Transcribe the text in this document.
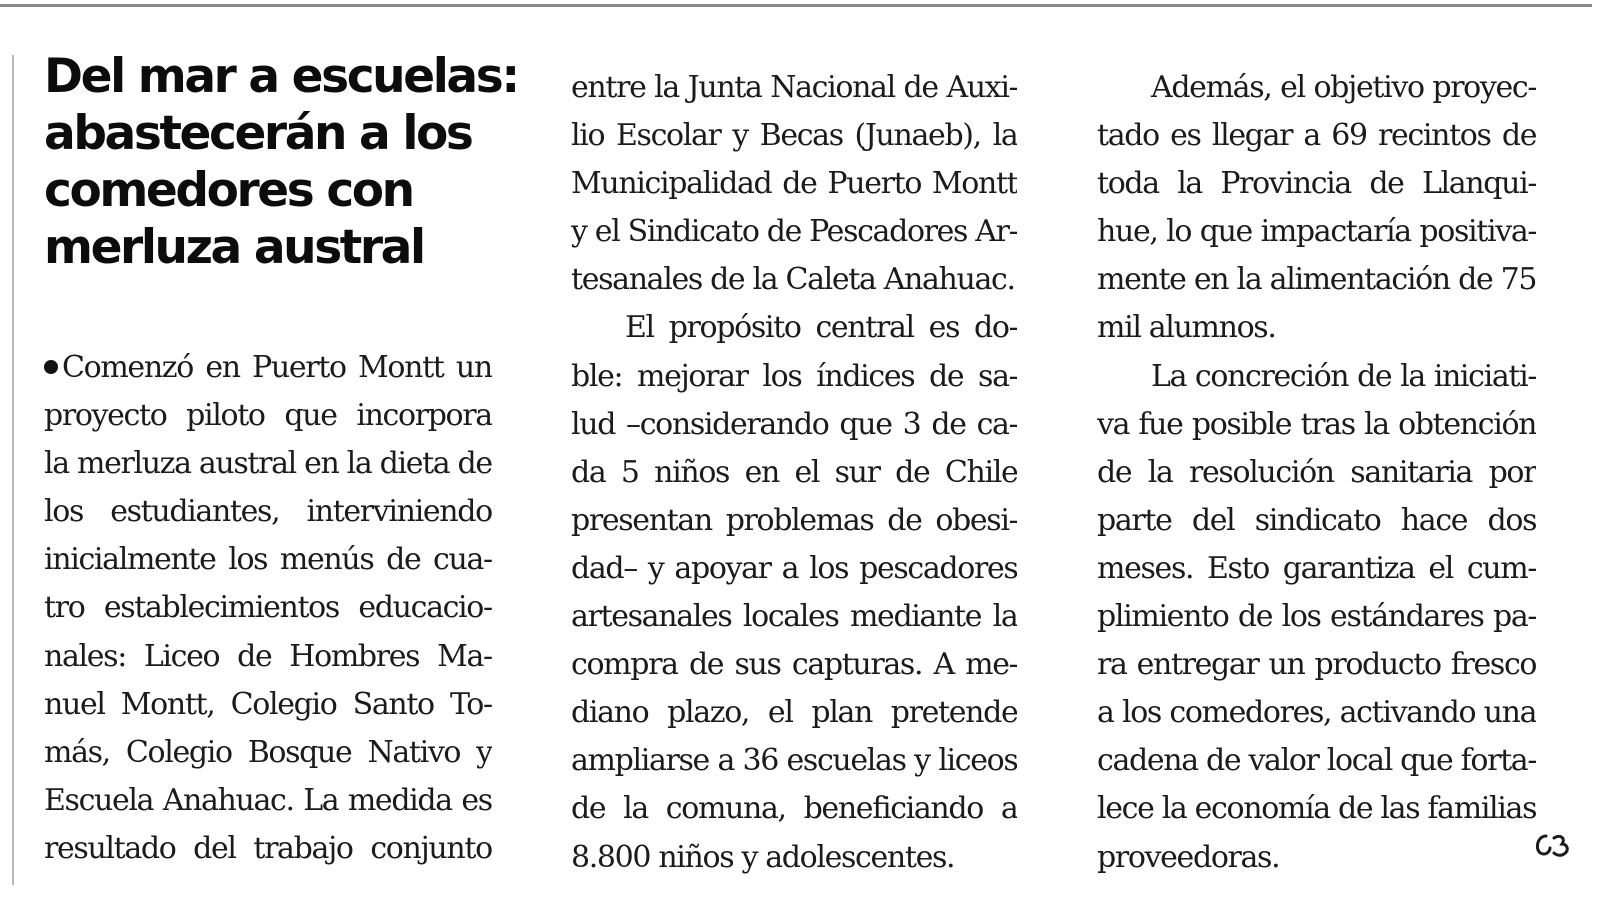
Del mar a escuelas: abastecerán a los comedores con merluza austral
Comenzó en Puerto Montt un
proyecto piloto que incorpora
la merluza austral en la dieta de
los estudiantes, interviniendo
inicialmente los menús de cua-
tro establecimientos educacio-
nales: Liceo de Hombres Ma-
nuel Montt, Colegio Santo To-
más, Colegio Bosque Nativo y
Escuela Anahuac. La medida es
resultado del trabajo conjunto
entre la Junta Nacional de Auxi-
lio Escolar y Becas (Junaeb), la
Municipalidad de Puerto Montt
y el Sindicato de Pescadores Ar-
tesanales de la Caleta Anahuac.
El propósito central es do-
ble: mejorar los índices de sa-
lud –considerando que 3 de ca-
da 5 niños en el sur de Chile
presentan problemas de obesi-
dad– y apoyar a los pescadores
artesanales locales mediante la
compra de sus capturas. A me-
diano plazo, el plan pretende
ampliarse a 36 escuelas y liceos
de la comuna, beneficiando a
8.800 niños y adolescentes.
Además, el objetivo proyec-
tado es llegar a 69 recintos de
toda la Provincia de Llanqui-
hue, lo que impactaría positiva-
mente en la alimentación de 75
mil alumnos.
La concreción de la iniciati-
va fue posible tras la obtención
de la resolución sanitaria por
parte del sindicato hace dos
meses. Esto garantiza el cum-
plimiento de los estándares pa-
ra entregar un producto fresco
a los comedores, activando una
cadena de valor local que forta-
lece la economía de las familias
proveedoras.
